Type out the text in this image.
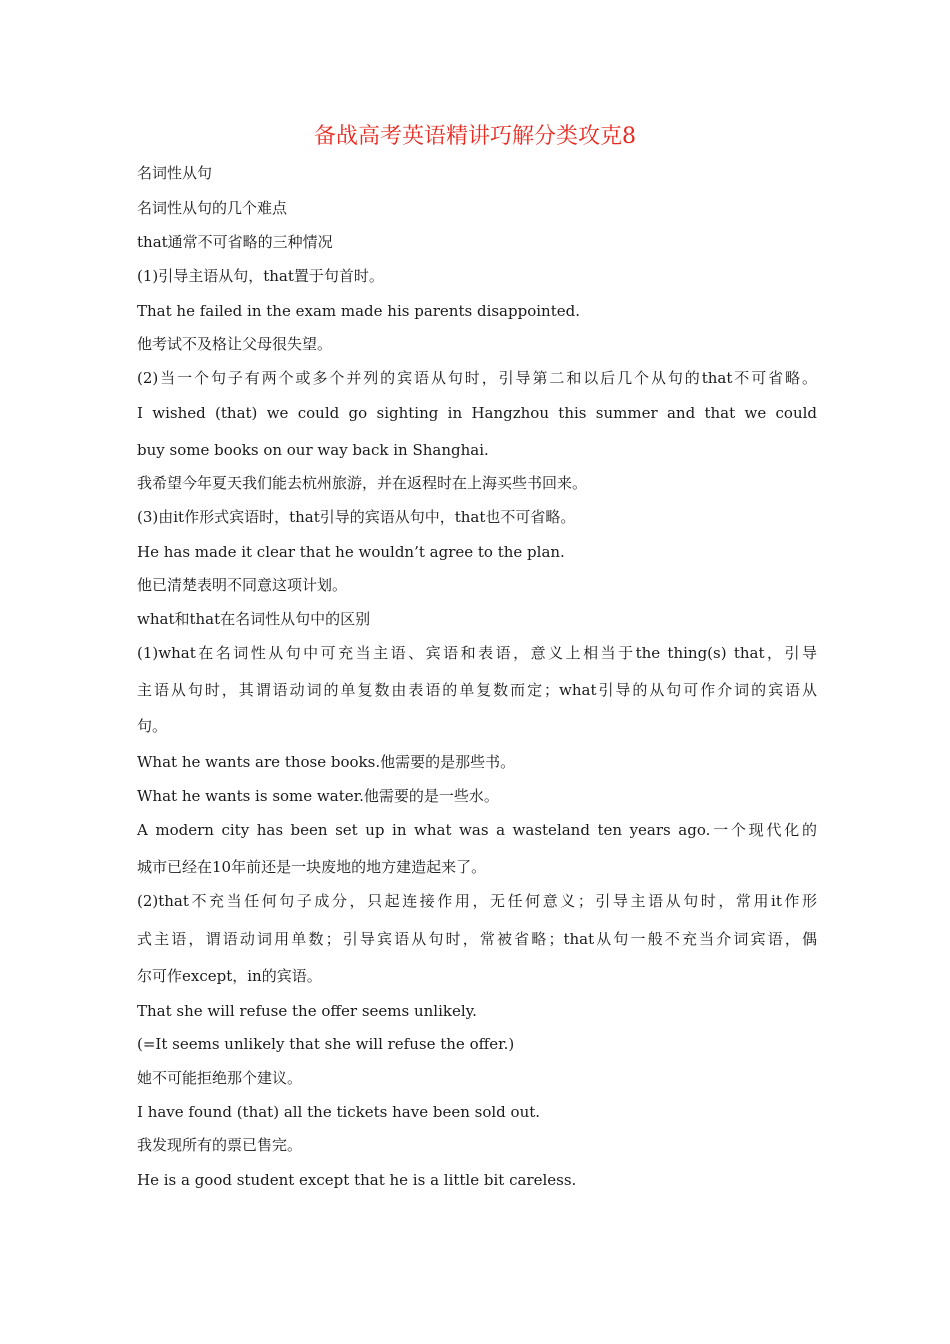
备战高考英语精讲巧解分类攻克8
名词性从句
名词性从句的几个难点
that通常不可省略的三种情况
(1)引导主语从句，that置于句首时。
That he failed in the exam made his parents disappointed.
他考试不及格让父母很失望。
(2)当一个句子有两个或多个并列的宾语从句时，引导第二和以后几个从句的that不可省略。
I wished (that) we could go sighting in Hangzhou this summer and that we could
buy some books on our way back in Shanghai.
我希望今年夏天我们能去杭州旅游，并在返程时在上海买些书回来。
(3)由it作形式宾语时，that引导的宾语从句中，that也不可省略。
He has made it clear that he wouldn’t agree to the plan.
他已清楚表明不同意这项计划。
what和that在名词性从句中的区别
(1)what在名词性从句中可充当主语、宾语和表语，意义上相当于the thing(s) that，引导
主语从句时，其谓语动词的单复数由表语的单复数而定；what引导的从句可作介词的宾语从
句。
What he wants are those books.他需要的是那些书。
What he wants is some water.他需要的是一些水。
A modern city has been set up in what was a wasteland ten years ago.一个现代化的
城市已经在10年前还是一块废地的地方建造起来了。
(2)that不充当任何句子成分，只起连接作用，无任何意义；引导主语从句时，常用it作形
式主语，谓语动词用单数；引导宾语从句时，常被省略；that从句一般不充当介词宾语，偶
尔可作except，in的宾语。
That she will refuse the offer seems unlikely.
(=It seems unlikely that she will refuse the offer.)
她不可能拒绝那个建议。
I have found (that) all the tickets have been sold out.
我发现所有的票已售完。
He is a good student except that he is a little bit careless.
